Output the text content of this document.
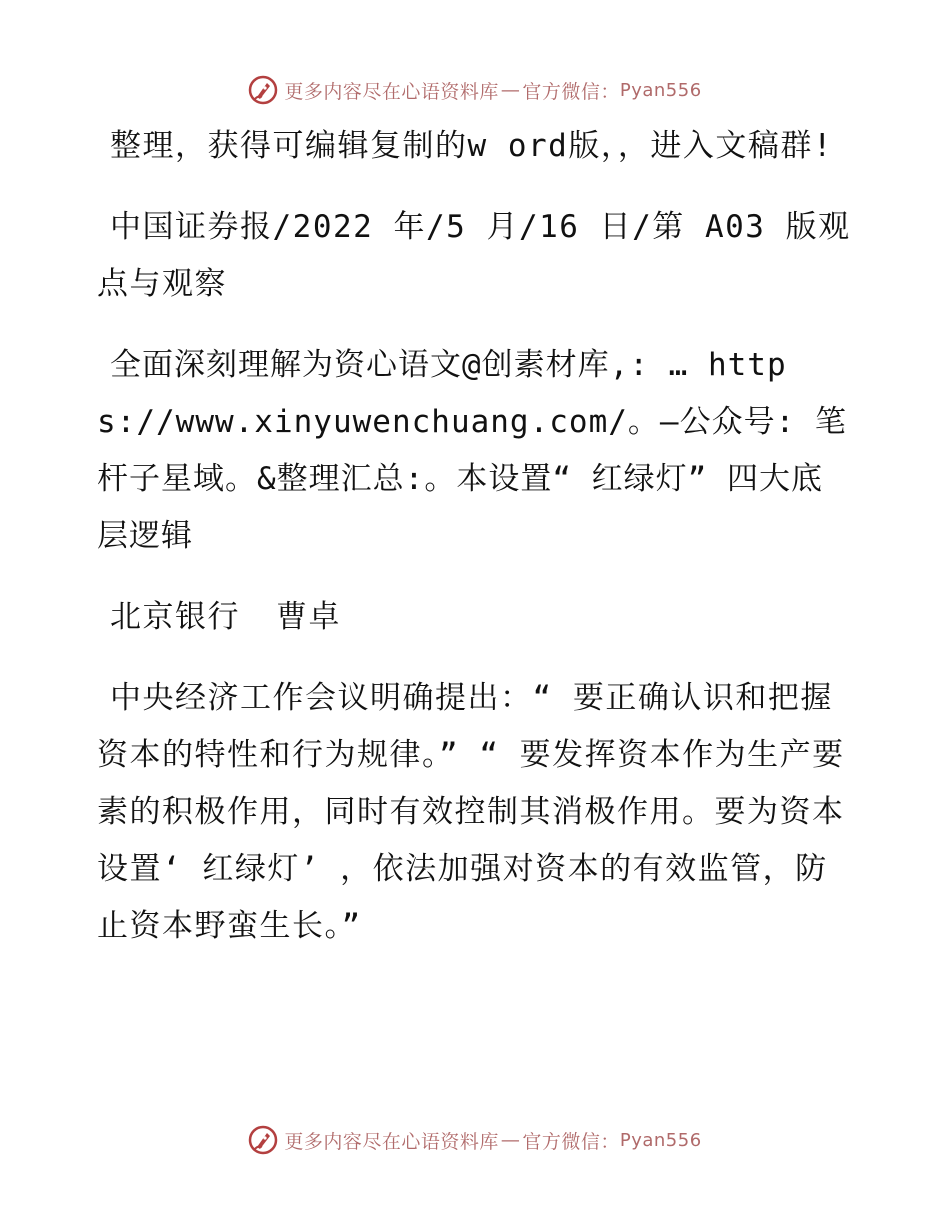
更多内容尽在心语资料库 — 官方微信： Pyan556

整理，获得可编辑复制的w ord版，，进入文稿群!

中国证券报/2022 年/5 月/16 日/第 A03 版观点与观察

全面深刻理解为资心语文@创素材库,: … https://www.xinyuwenchuang.com/。—公众号: 笔杆子星域。&整理汇总:。本设置“ 红绿灯” 四大底层逻辑

北京银行 曹卓

中央经济工作会议明确提出：“ 要正确认识和把握资本的特性和行为规律。” “ 要发挥资本作为生产要素的积极作用，同时有效控制其消极作用。要为资本设置‘ 红绿灯’ ，依法加强对资本的有效监管，防止资本野蛮生长。”

更多内容尽在心语资料库 — 官方微信： Pyan556
